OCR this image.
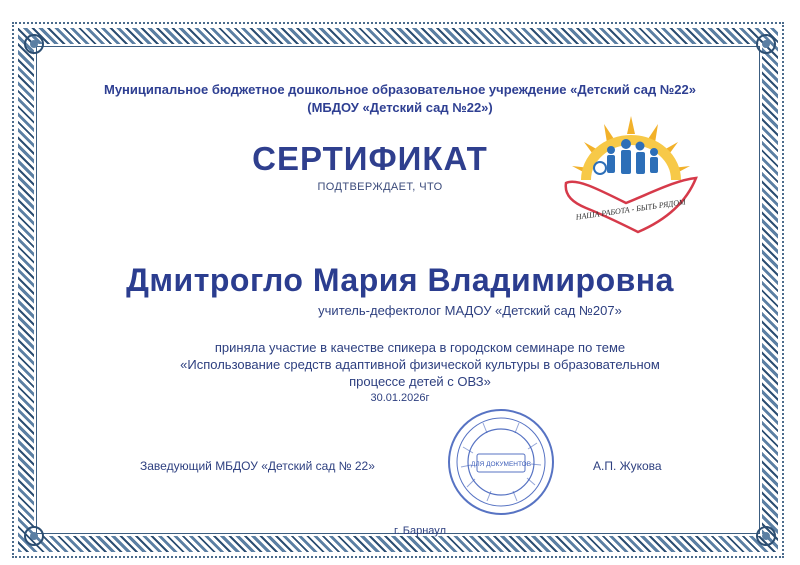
Муниципальное бюджетное дошкольное образовательное учреждение «Детский сад №22»
(МБДОУ «Детский сад №22»)
НАША РАБОТА - БЫТЬ РЯДОМ
СЕРТИФИКАТ
ПОДТВЕРЖДАЕТ, ЧТО
Дмитрогло Мария Владимировна
учитель-дефектолог МАДОУ «Детский сад №207»
приняла участие в качестве спикера в городском семинаре по теме
«Использование средств адаптивной физической культуры в образовательном
процессе детей с ОВЗ»
30.01.2026г
ДЛЯ ДОКУМЕНТОВ
Заведующий МБДОУ «Детский сад № 22»	А.П. Жукова
г. Барнаул
